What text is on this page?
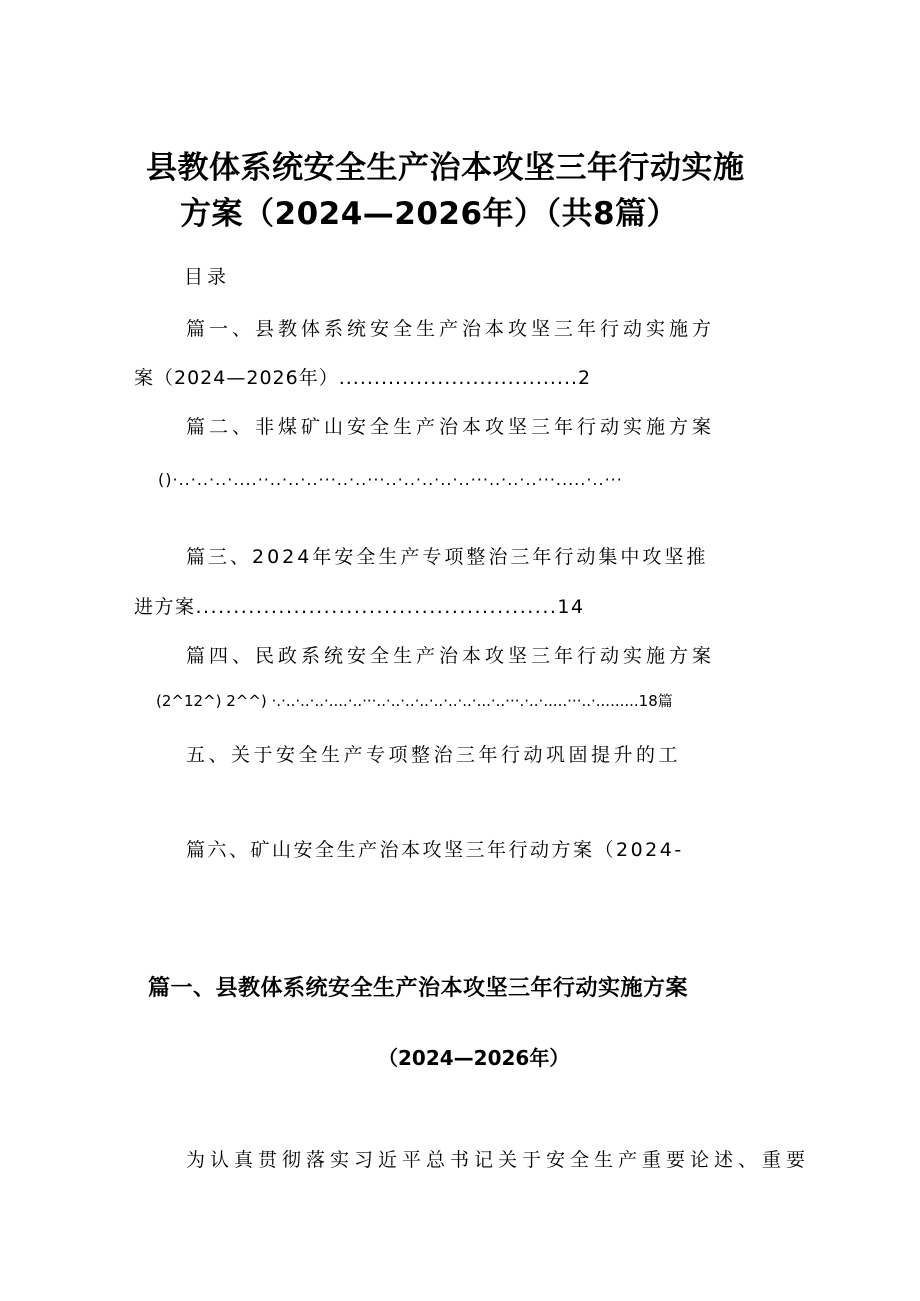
县教体系统安全生产治本攻坚三年行动实施
方案（2024—2026年）（共8篇）
目录
篇一、县教体系统安全生产治本攻坚三年行动实施方
案（2024—2026年）..................................2
篇二、非煤矿山安全生产治本攻坚三年行动实施方案
()·..·..·..·....··..·..·..···..·..···..·..·..·..·..···..·..·..···.....·..···
篇三、2024年安全生产专项整治三年行动集中攻坚推
进方案................................................14
篇四、民政系统安全生产治本攻坚三年行动实施方案
(2^12^) 2^^) ·.·..·..·..·....·..···..·..·..·..·..·..·..·...·..···.·..·.....···..·.........18篇
五、关于安全生产专项整治三年行动巩固提升的工
篇六、矿山安全生产治本攻坚三年行动方案（2024-
篇一、县教体系统安全生产治本攻坚三年行动实施方案
（2024—2026年）
为认真贯彻落实习近平总书记关于安全生产重要论述、重要
